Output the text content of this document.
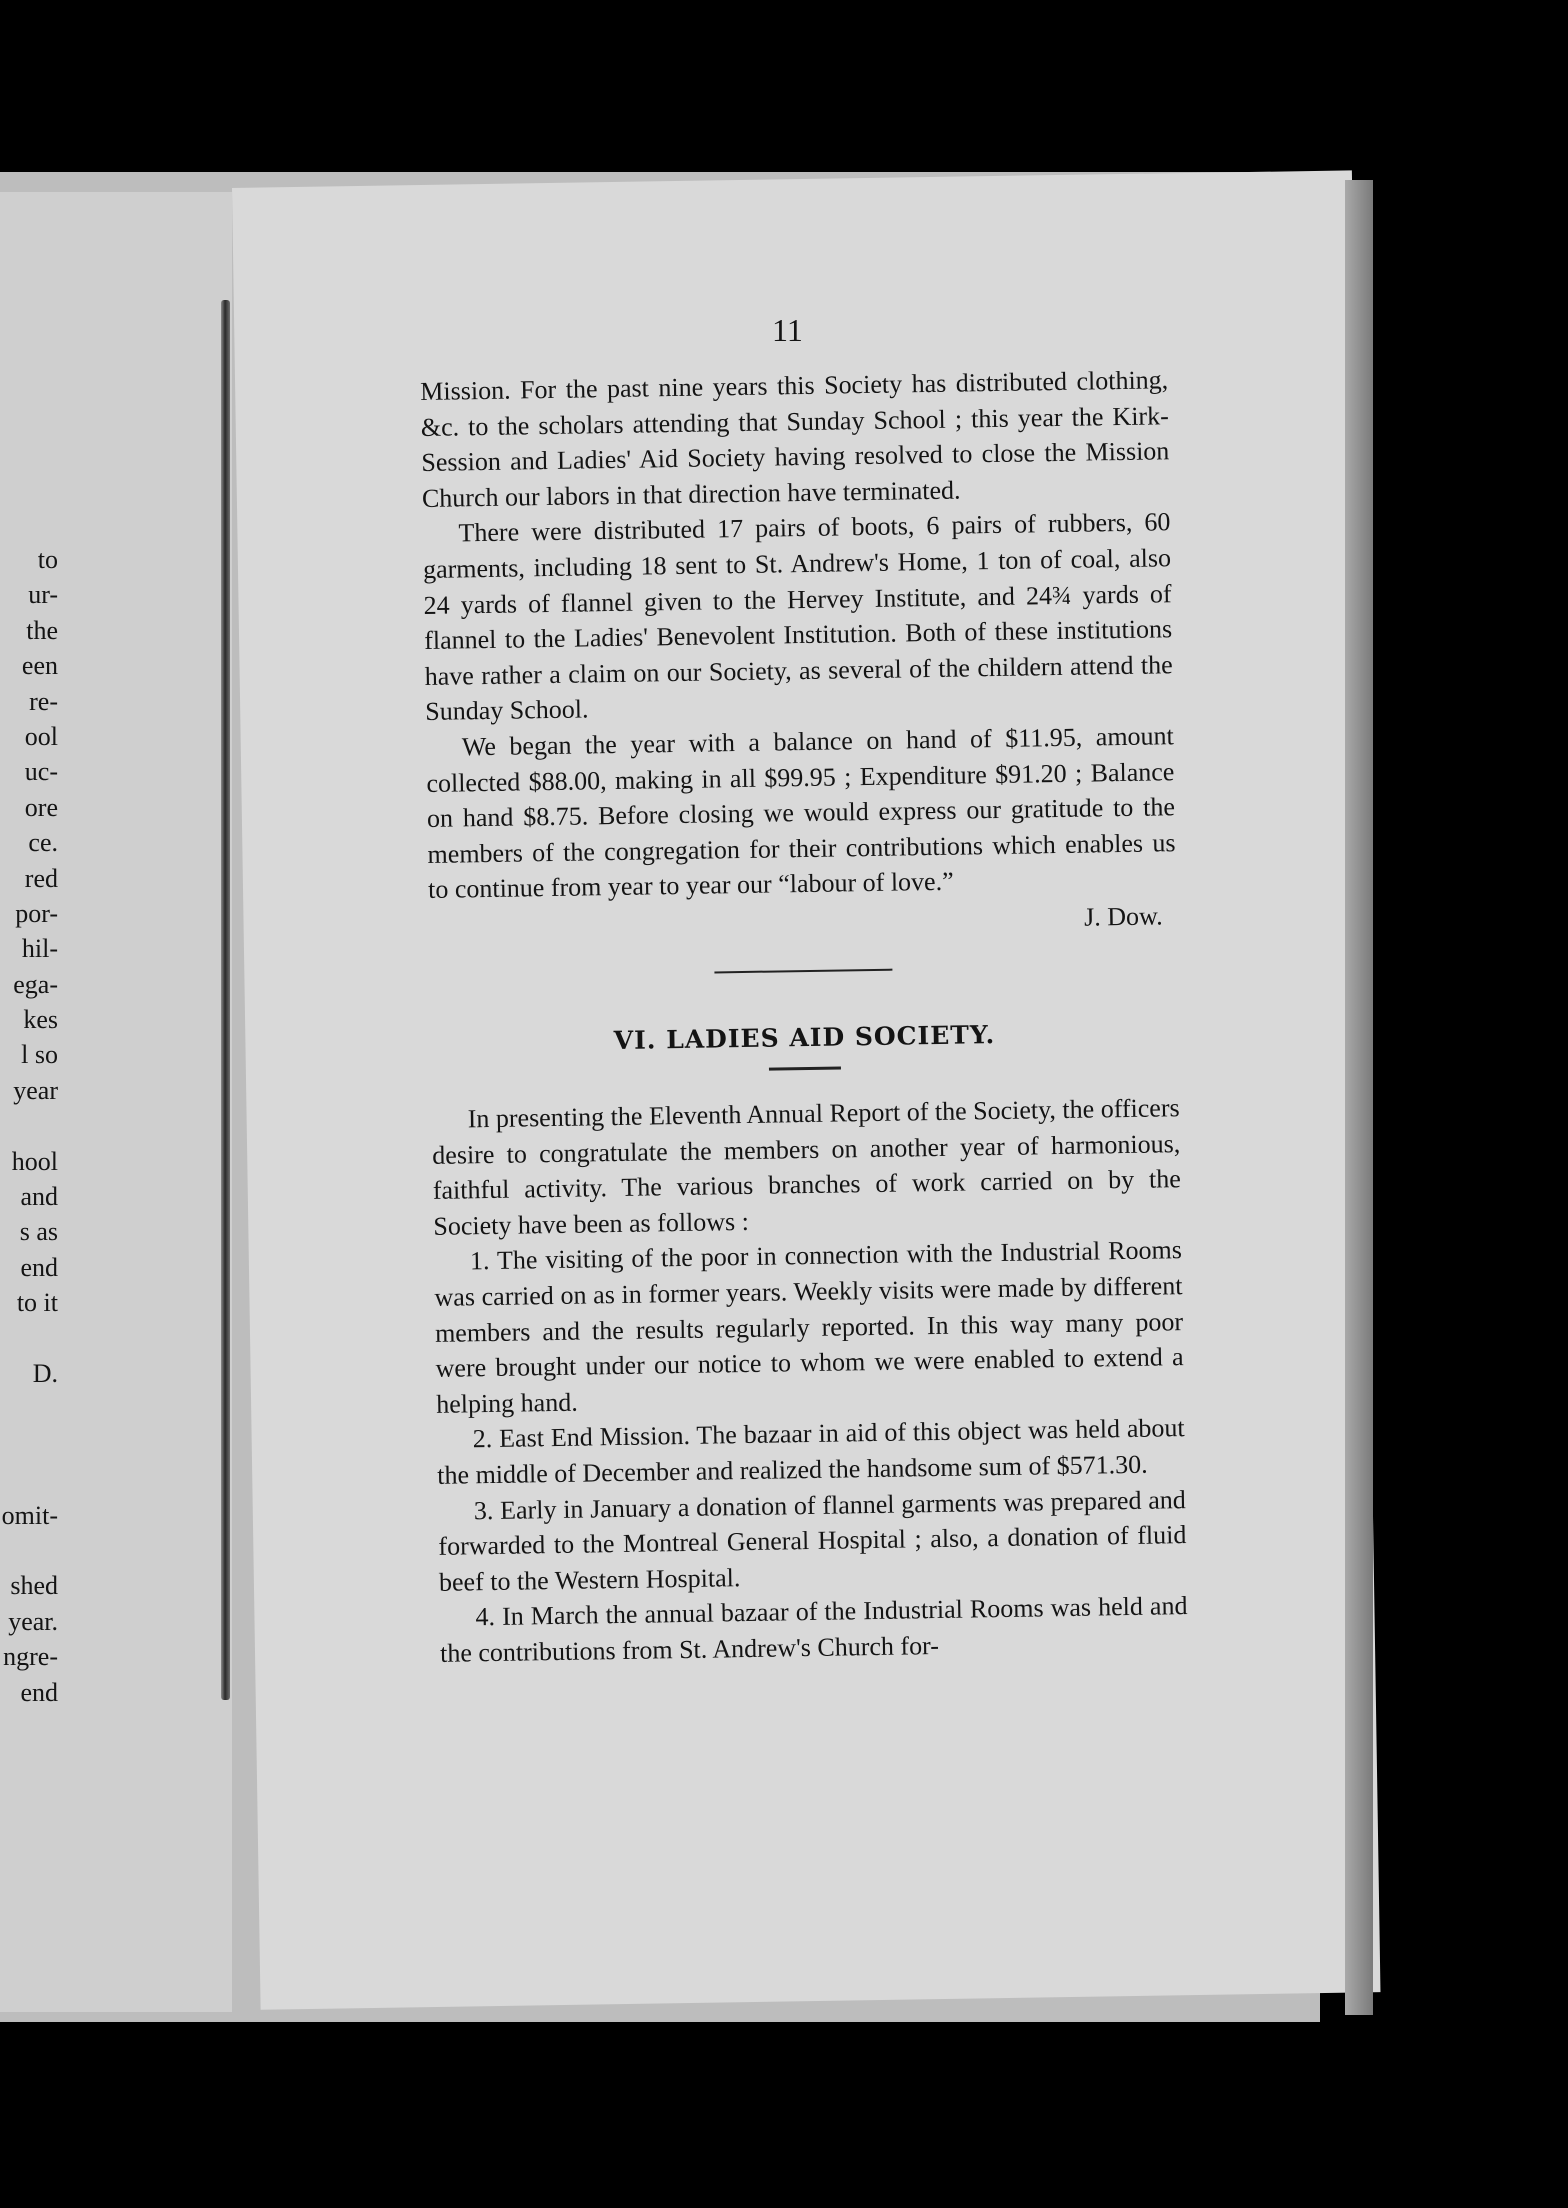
to
ur-
the
een
re-
ool
uc-
ore
ce.
red
por-
hil-
ega-
kes
l so
year
hool
and
s as
end
to it
D.
omit-
shed
year.
ngre-
end
11

Mission. For the past nine years this Society has distributed clothing, &c. to the scholars attending that Sunday School ; this year the Kirk-Session and Ladies' Aid Society having resolved to close the Mission Church our labors in that direction have terminated.

There were distributed 17 pairs of boots, 6 pairs of rubbers, 60 garments, including 18 sent to St. Andrew's Home, 1 ton of coal, also 24 yards of flannel given to the Hervey Institute, and 24¾ yards of flannel to the Ladies' Benevolent Institution. Both of these institutions have rather a claim on our Society, as several of the childern attend the Sunday School.

We began the year with a balance on hand of $11.95, amount collected $88.00, making in all $99.95 ; Expenditure $91.20 ; Balance on hand $8.75. Before closing we would express our gratitude to the members of the congregation for their contributions which enables us to continue from year to year our “labour of love.”

J. Dow.
VI. LADIES AID SOCIETY.

In presenting the Eleventh Annual Report of the Society, the officers desire to congratulate the members on another year of harmonious, faithful activity. The various branches of work carried on by the Society have been as follows :

1. The visiting of the poor in connection with the Industrial Rooms was carried on as in former years. Weekly visits were made by different members and the results regularly reported. In this way many poor were brought under our notice to whom we were enabled to extend a helping hand.

2. East End Mission. The bazaar in aid of this object was held about the middle of December and realized the handsome sum of $571.30.

3. Early in January a donation of flannel garments was prepared and forwarded to the Montreal General Hospital ; also, a donation of fluid beef to the Western Hospital.

4. In March the annual bazaar of the Industrial Rooms was held and the contributions from St. Andrew's Church for-
